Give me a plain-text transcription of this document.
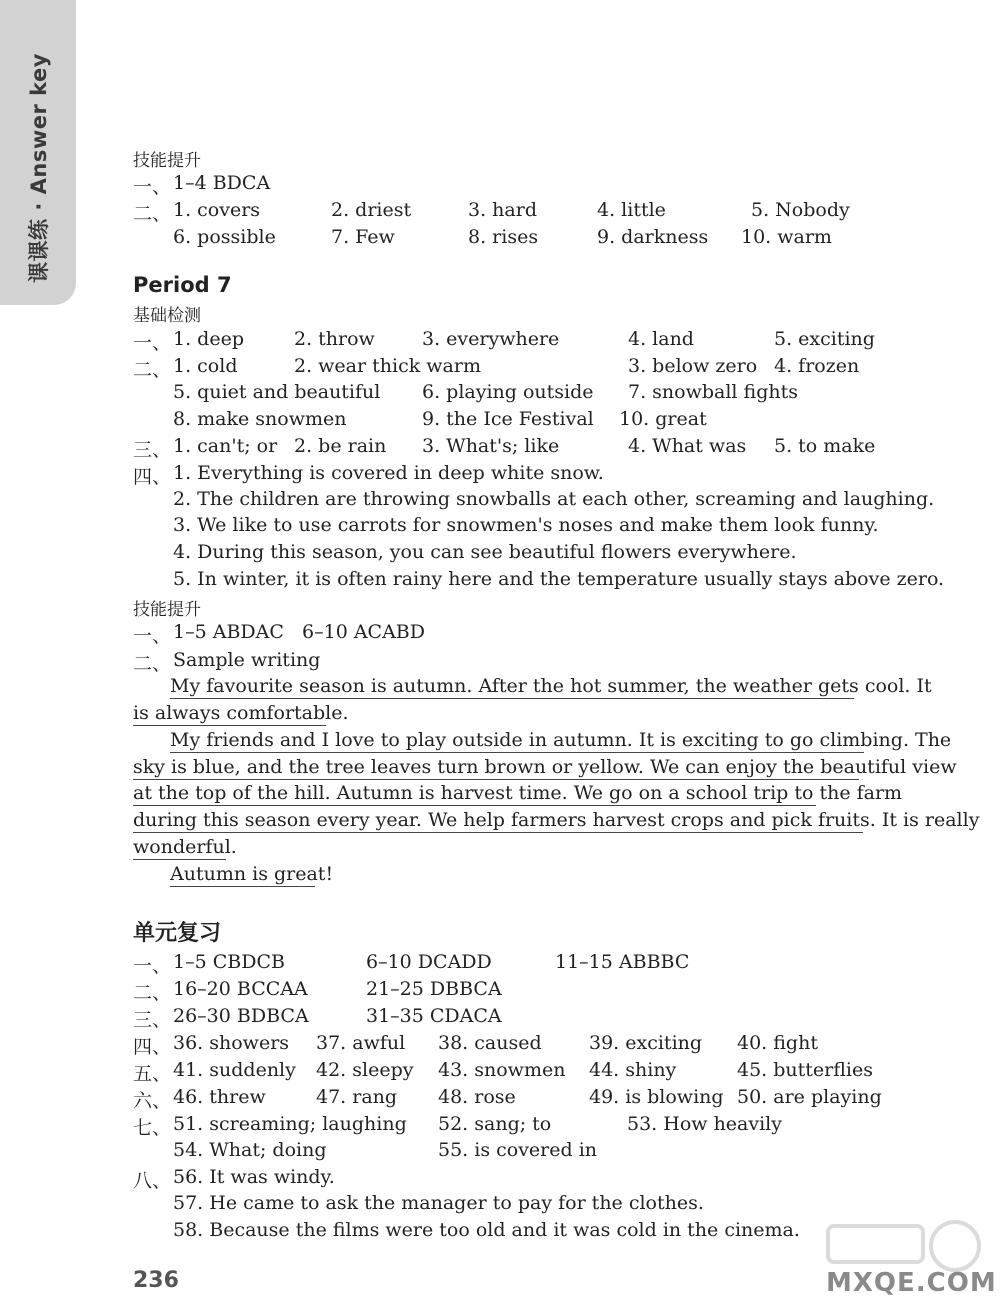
课课练 · Answer key	技能提升
一、 1–4 BDCA
二、 1. covers	2. driest	3. hard	4. little	5. Nobody
6. possible	7. Few	8. rises	9. darkness 10. warm
Period 7
基础检测
一、 1. deep	2. throw 3. everywhere	4. land	5. exciting
二、 1. cold	2. wear thick warm	3. below zero 4. frozen
5. quiet and beautiful 6. playing outside 7. snowball fights
8. make snowmen	9. the Ice Festival 10. great
三、 1. can't; or 2. be rain 3. What's; like	4. What was 5. to make
四、 1. Everything is covered in deep white snow.
2. The children are throwing snowballs at each other, screaming and laughing.
3. We like to use carrots for snowmen's noses and make them look funny.
4. During this season, you can see beautiful flowers everywhere.
5. In winter, it is often rainy here and the temperature usually stays above zero.
技能提升
一、 1–5 ABDAC   6–10 ACABD
二、 Sample writing
My favourite season is autumn. After the hot summer, the weather gets cool. It
is always comfortable.
My friends and I love to play outside in autumn. It is exciting to go climbing. The
sky is blue, and the tree leaves turn brown or yellow. We can enjoy the beautiful view
at the top of the hill. Autumn is harvest time. We go on a school trip to the farm
during this season every year. We help farmers harvest crops and pick fruits. It is really
wonderful.
Autumn is great!
单元复习
一、 1–5 CBDCB	6–10 DCADD	11–15 ABBBC
二、 16–20 BCCAA	21–25 DBBCA
三、 26–30 BDBCA	31–35 CDACA
四、 36. showers 37. awful 38. caused 39. exciting 40. fight
五、 41. suddenly 42. sleepy 43. snowmen 44. shiny	45. butterflies
六、 46. threw	47. rang 48. rose	49. is blowing 50. are playing
七、 51. screaming; laughing 52. sang; to	53. How heavily
54. What; doing	55. is covered in
八、 56. It was windy.
57. He came to ask the manager to pay for the clothes.
58. Because the films were too old and it was cold in the cinema.
236	MXQE.COM
